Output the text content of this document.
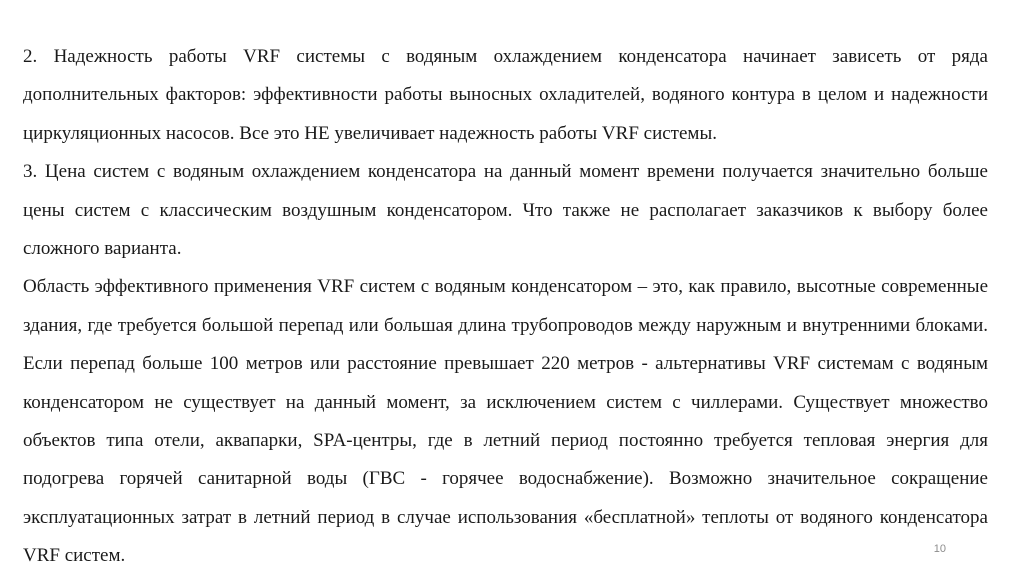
2. Надежность работы VRF системы с водяным охлаждением конденсатора начинает зависеть от ряда дополнительных факторов: эффективности работы выносных охладителей, водяного контура в целом и надежности циркуляционных насосов. Все это НЕ увеличивает надежность работы VRF системы.

3. Цена систем с водяным охлаждением конденсатора на данный момент времени получается значительно больше цены систем с классическим воздушным конденсатором. Что также не располагает заказчиков к выбору более сложного варианта.

Область эффективного применения VRF систем с водяным конденсатором – это, как правило, высотные современные здания, где требуется большой перепад или большая длина трубопроводов между наружным и внутренними блоками. Если перепад больше 100 метров или расстояние превышает 220 метров - альтернативы VRF системам с водяным конденсатором не существует на данный момент, за исключением систем с чиллерами. Существует множество объектов типа отели, аквапарки, SPA-центры, где в летний период постоянно требуется тепловая энергия для подогрева горячей санитарной воды (ГВС - горячее водоснабжение). Возможно значительное сокращение эксплуатационных затрат в летний период в случае использования «бесплатной» теплоты от водяного конденсатора VRF систем.	10
